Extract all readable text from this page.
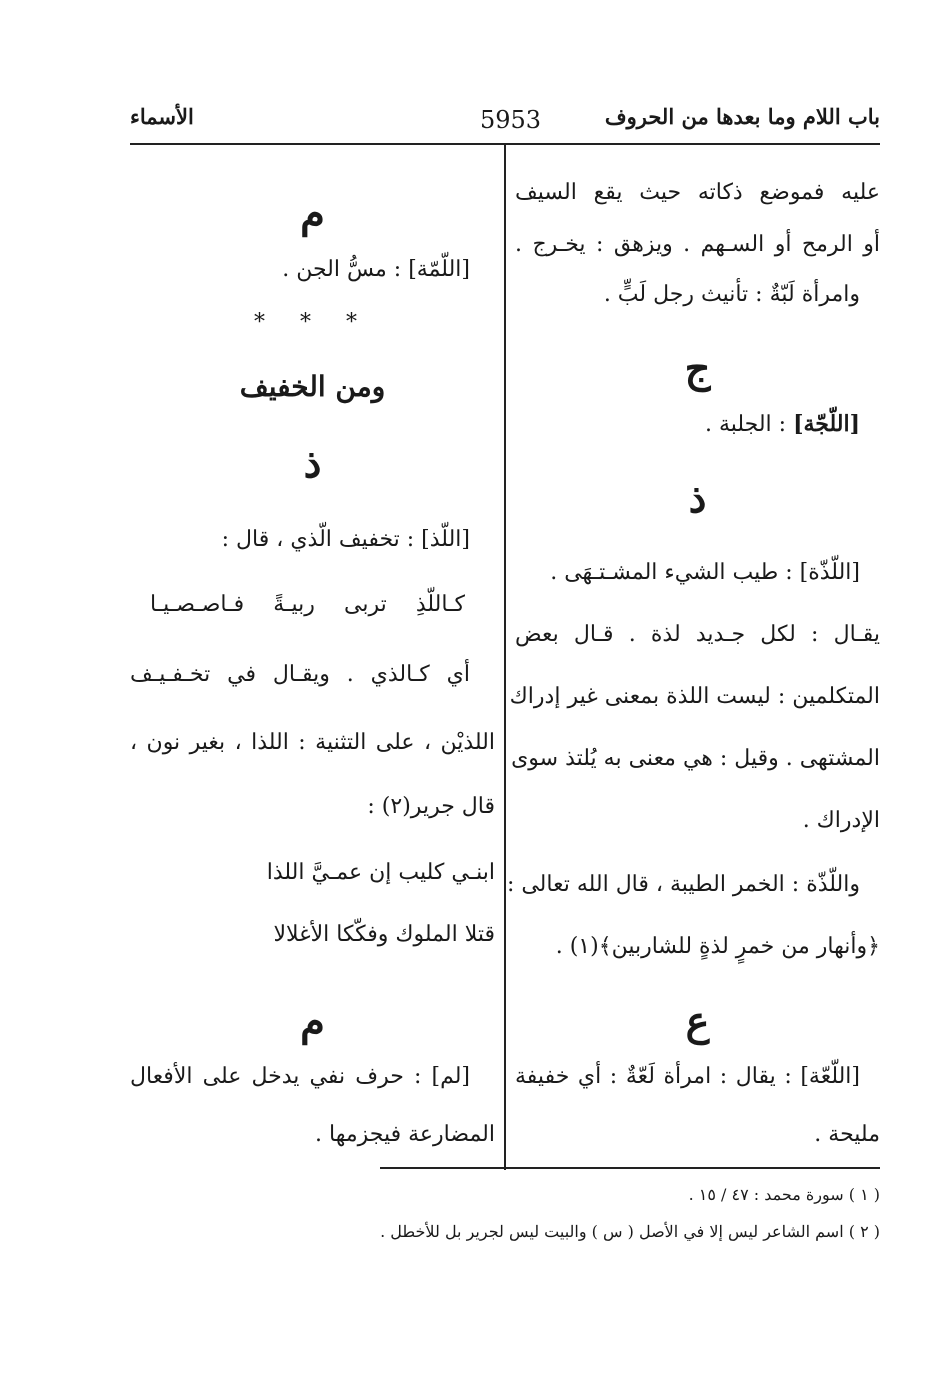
باب اللام وما بعدها من الحروف
5953
الأسماء
عليه فموضع ذكاته حيث يقع السيف
أو الرمح أو السـهم . ويزهق : يخـرج .
وامرأة لَبّةٌ : تأنيث رجل لَبٍّ .
ج
[اللّجّة] : الجلبة .
ذ
[اللّذّة] : طيب الشيء المشـتـهَى .
يقـال : لكل جـديد لذة . قـال بعض
المتكلمين : ليست اللذة بمعنى غير إدراك
المشتهى . وقيل : هي معنى به يُلتذ سوى
الإدراك .
واللّذّة : الخمر الطيبة ، قال الله تعالى :
﴿وأنهار من خمرٍ لذةٍ للشاربين﴾(١) .
ع
[اللّعّة] : يقال : امرأة لَعّةٌ : أي خفيفة
مليحة .
م
[اللّمّة] : مسُّ الجن .
* * *
ومن الخفيف
ذ
[اللّذ] : تخفيف الّذي ، قال :
كـاللّذِ تربى ربيـةً فـاصـصـيـا
أي كـالذي . ويقـال في تخـفـيـف
اللذيْن ، على التثنية : اللذا ، بغير نون ،
قال جرير(٢) :
ابنـي كليب إن عمـيَّ اللذا
قتلا الملوك وفكّكا الأغلالا
م
[لم] : حرف نفي يدخل على الأفعال
المضارعة فيجزمها .
( ١ ) سورة محمد : ٤٧ / ١٥ .
( ٢ ) اسم الشاعر ليس إلا في الأصل ( س ) والبيت ليس لجرير بل للأخطل .
